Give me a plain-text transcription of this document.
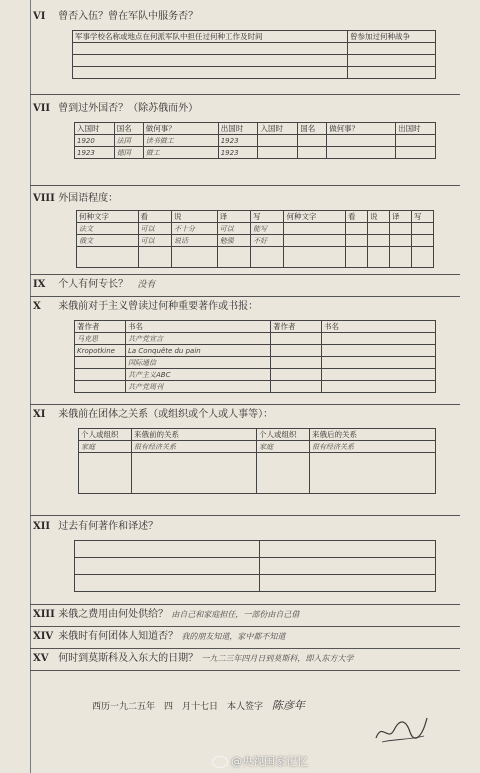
VI 曾否入伍？曾在军队中服务否？
军事学校名称或地点在何派军队中担任过何种工作及时间	曾参加过何种战争

VII 曾到过外国否？（除苏俄而外）
入国时	国名	做何事？	出国时	入国时	国名	做何事？	出国时
1920	法国	读书做工	1923				
1923	德国	做工	1923				
VIII 外国语程度：
何种文字	看	说	译	写	何种文字	看	说	译	写
法文	可以	不十分	可以	能写					
俄文	可以	说话	勉强	不好					

IX 个人有何专长？ 没有
X 来俄前对于主义曾读过何种重要著作或书报：
著作者	书名	著作者	书名
马克思	共产党宣言		
Kropotkine	La Conquête du pain		
	国际通信		
	共产主义ABC		
	共产党周刊		
XI 来俄前在团体之关系（或组织或个人或人事等）：
个人或组织	来俄前的关系	个人或组织	来俄后的关系
家庭	很有经济关系	家庭	很有经济关系

XII 过去有何著作和译述？

XIII 来俄之费用由何处供给？ 由自己和家庭担任，一部份由自己借
XIV 来俄时有何团体人知道否？ 我的朋友知道，家中都不知道
XV 何时到莫斯科及入东大的日期？ 一九二三年四月日到莫斯科，即入东方大学
西历一九二五年　四　月十七日　本人签字 陈彦年
@央视国家记忆
